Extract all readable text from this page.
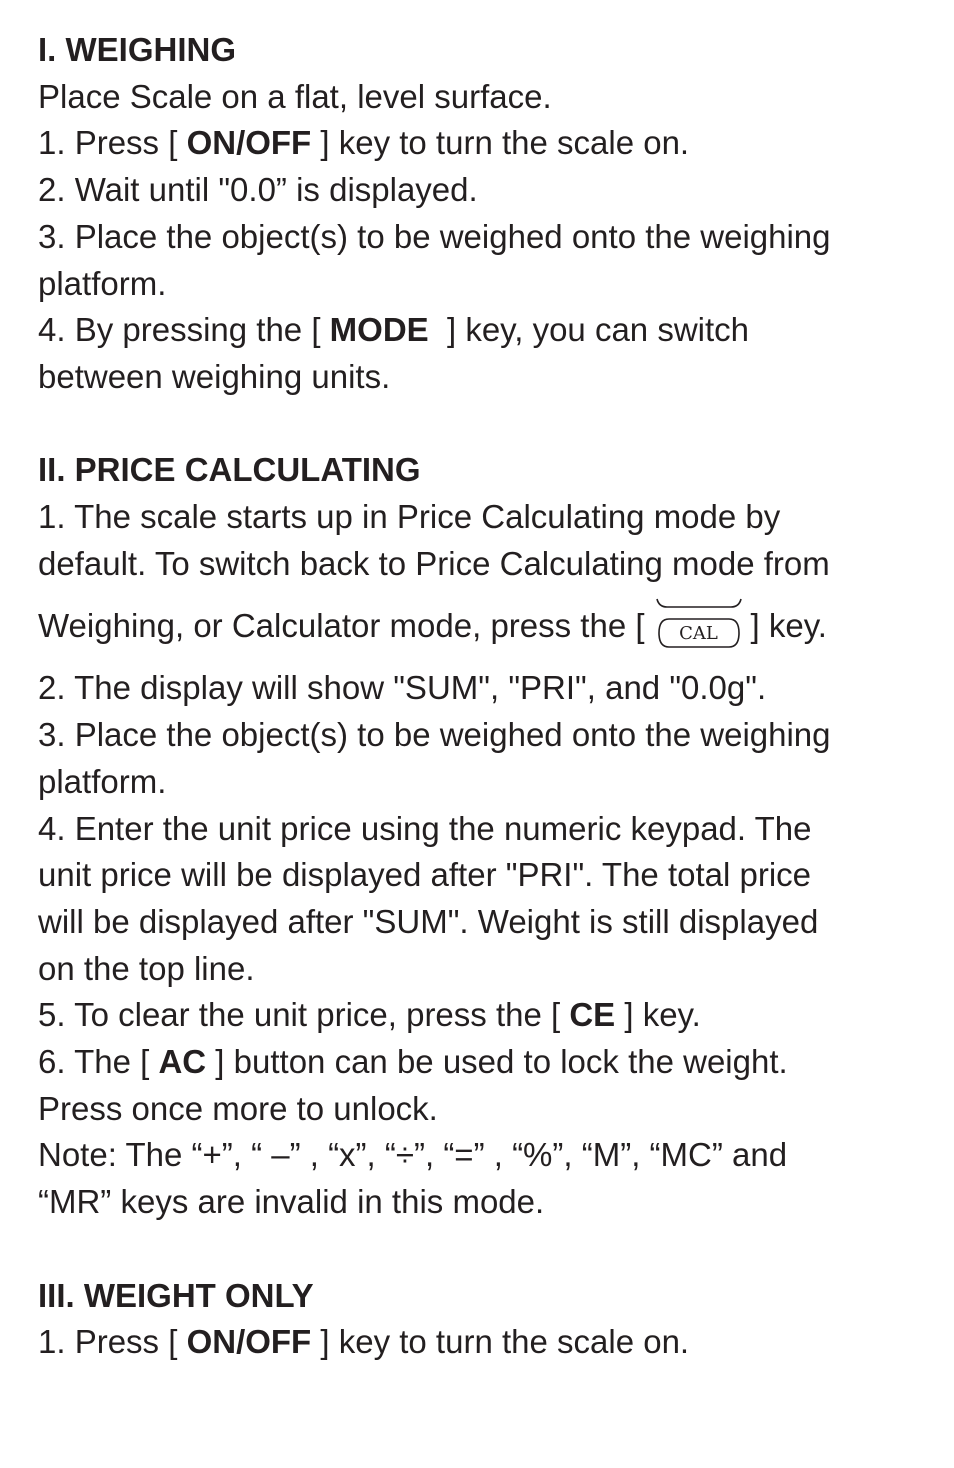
I. WEIGHING
Place Scale on a flat, level surface.
1. Press [ ON/OFF ] key to turn the scale on.
2. Wait until "0.0” is displayed.
3. Place the object(s) to be weighed onto the weighing
platform.
4. By pressing the [ MODE  ] key, you can switch
between weighing units.
II. PRICE CALCULATING
1. The scale starts up in Price Calculating mode by
default. To switch back to Price Calculating mode from
Weighing, or Calculator mode, press the [	CAL ] key.
2. The display will show "SUM", "PRI", and "0.0g".
3. Place the object(s) to be weighed onto the weighing
platform.
4. Enter the unit price using the numeric keypad. The
unit price will be displayed after "PRI". The total price
will be displayed after "SUM". Weight is still displayed
on the top line.
5. To clear the unit price, press the [ CE ] key.
6. The [ AC ] button can be used to lock the weight.
Press once more to unlock.
Note: The “+”, “ –” , “x”, “÷”, “=” , “%”, “M”, “MC” and
“MR” keys are invalid in this mode.
III. WEIGHT ONLY
1. Press [ ON/OFF ] key to turn the scale on.
